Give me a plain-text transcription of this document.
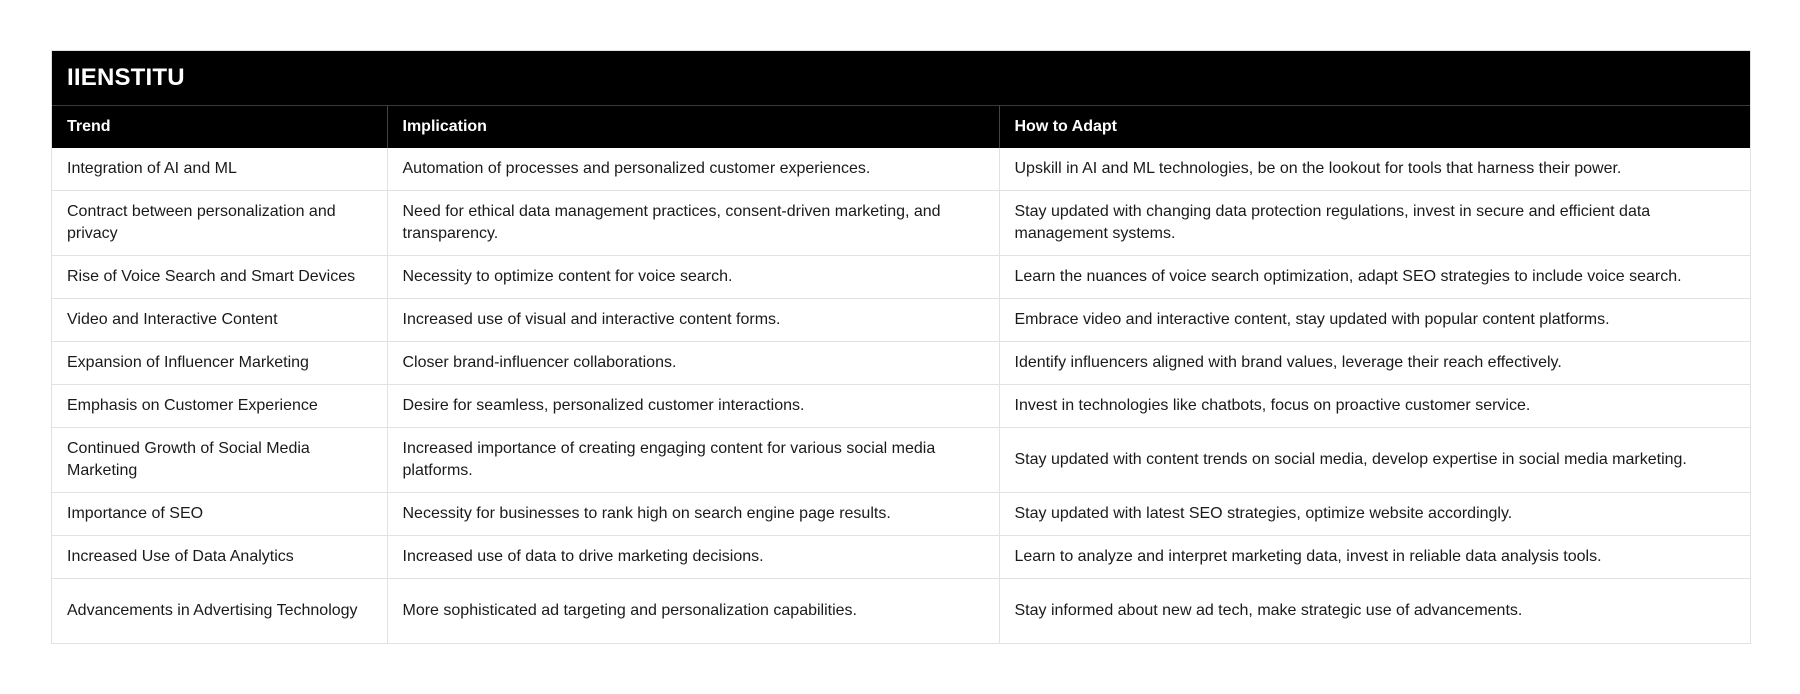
IIENSTITU
Trend	Implication	How to Adapt
Integration of AI and ML	Automation of processes and personalized customer experiences.	Upskill in AI and ML technologies, be on the lookout for tools that harness their power.
Contract between personalization and privacy	Need for ethical data management practices, consent-driven marketing, and transparency.	Stay updated with changing data protection regulations, invest in secure and efficient data management systems.
Rise of Voice Search and Smart Devices	Necessity to optimize content for voice search.	Learn the nuances of voice search optimization, adapt SEO strategies to include voice search.
Video and Interactive Content	Increased use of visual and interactive content forms.	Embrace video and interactive content, stay updated with popular content platforms.
Expansion of Influencer Marketing	Closer brand-influencer collaborations.	Identify influencers aligned with brand values, leverage their reach effectively.
Emphasis on Customer Experience	Desire for seamless, personalized customer interactions.	Invest in technologies like chatbots, focus on proactive customer service.
Continued Growth of Social Media Marketing	Increased importance of creating engaging content for various social media platforms.	Stay updated with content trends on social media, develop expertise in social media marketing.
Importance of SEO	Necessity for businesses to rank high on search engine page results.	Stay updated with latest SEO strategies, optimize website accordingly.
Increased Use of Data Analytics	Increased use of data to drive marketing decisions.	Learn to analyze and interpret marketing data, invest in reliable data analysis tools.
Advancements in Advertising Technology	More sophisticated ad targeting and personalization capabilities.	Stay informed about new ad tech, make strategic use of advancements.
